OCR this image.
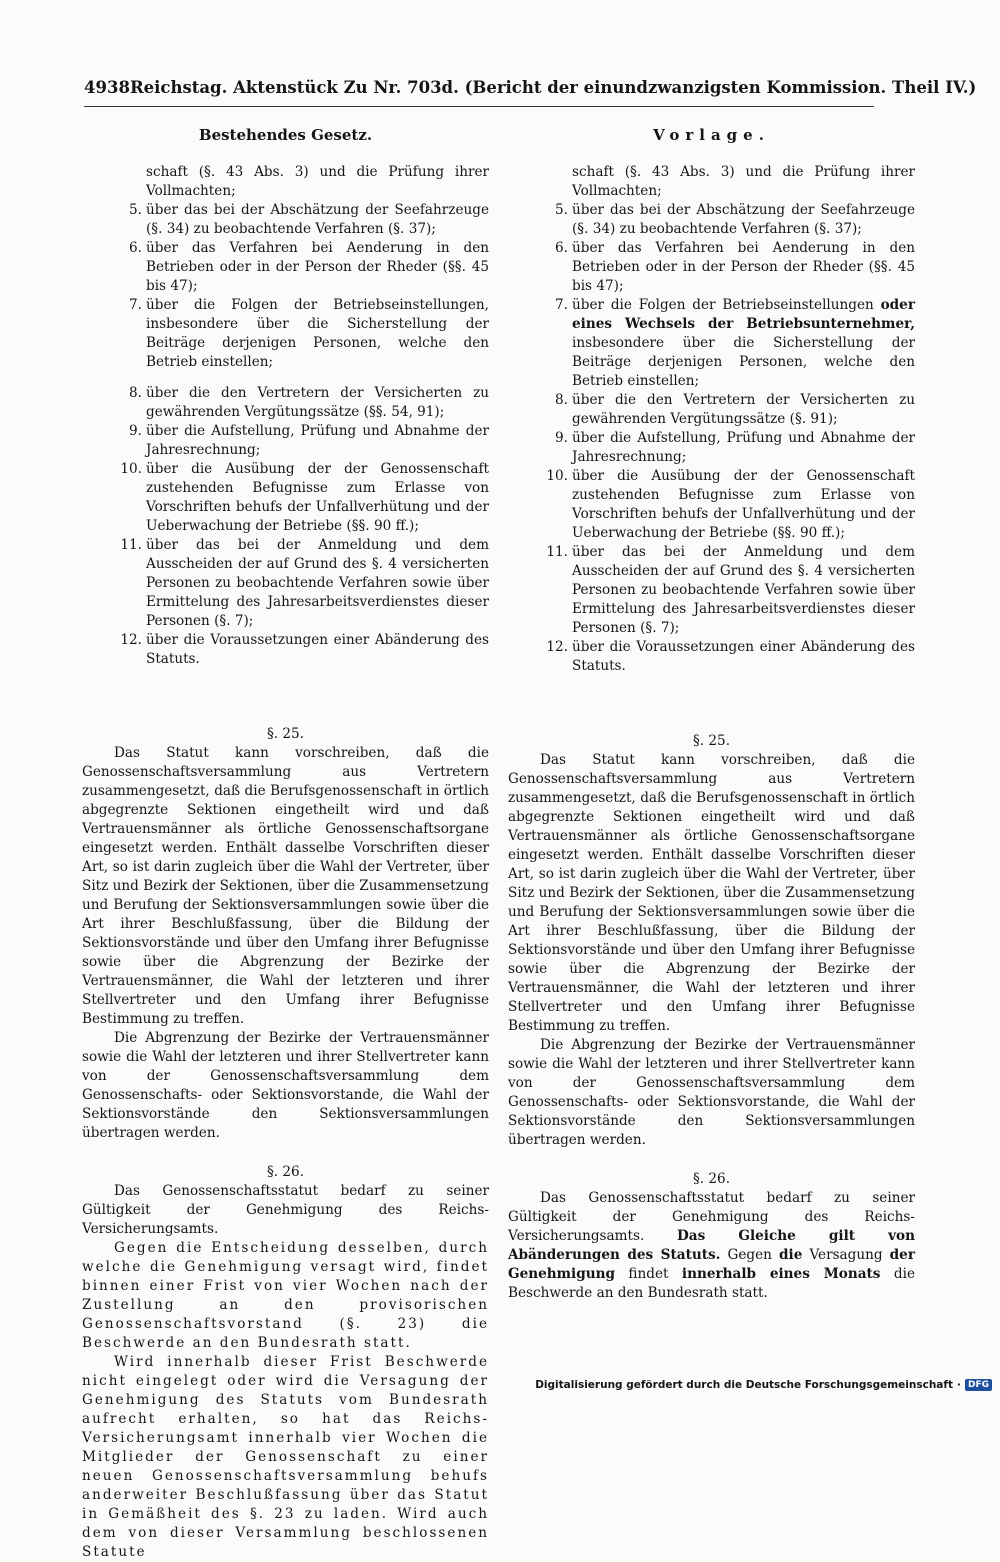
4938 Reichstag. Aktenstück Zu Nr. 703d. (Bericht der einundzwanzigsten Kommission. Theil IV.)
Bestehendes Gesetz.
schaft (§. 43 Abs. 3) und die Prüfung ihrer Vollmachten;
5. über das bei der Abschätzung der Seefahrzeuge (§. 34) zu beobachtende Verfahren (§. 37);
6. über das Verfahren bei Aenderung in den Betrieben oder in der Person der Rheder (§§. 45 bis 47);
7. über die Folgen der Betriebseinstellungen, insbesondere über die Sicherstellung der Beiträge derjenigen Personen, welche den Betrieb einstellen;
8. über die den Vertretern der Versicherten zu gewährenden Vergütungssätze (§§. 54, 91);
9. über die Aufstellung, Prüfung und Abnahme der Jahresrechnung;
10. über die Ausübung der der Genossenschaft zustehenden Befugnisse zum Erlasse von Vorschriften behufs der Unfallverhütung und der Ueberwachung der Betriebe (§§. 90 ff.);
11. über das bei der Anmeldung und dem Ausscheiden der auf Grund des §. 4 versicherten Personen zu beobachtende Verfahren sowie über Ermittelung des Jahresarbeitsverdienstes dieser Personen (§. 7);
12. über die Voraussetzungen einer Abänderung des Statuts.
§. 25.
Das Statut kann vorschreiben, daß die Genossenschaftsversammlung aus Vertretern zusammengesetzt, daß die Berufsgenossenschaft in örtlich abgegrenzte Sektionen eingetheilt wird und daß Vertrauensmänner als örtliche Genossenschaftsorgane eingesetzt werden. Enthält dasselbe Vorschriften dieser Art, so ist darin zugleich über die Wahl der Vertreter, über Sitz und Bezirk der Sektionen, über die Zusammensetzung und Berufung der Sektionsversammlungen sowie über die Art ihrer Beschlußfassung, über die Bildung der Sektionsvorstände und über den Umfang ihrer Befugnisse sowie über die Abgrenzung der Bezirke der Vertrauensmänner, die Wahl der letzteren und ihrer Stellvertreter und den Umfang ihrer Befugnisse Bestimmung zu treffen.
Die Abgrenzung der Bezirke der Vertrauensmänner sowie die Wahl der letzteren und ihrer Stellvertreter kann von der Genossenschaftsversammlung dem Genossenschafts- oder Sektionsvorstande, die Wahl der Sektionsvorstände den Sektionsversammlungen übertragen werden.
§. 26.
Das Genossenschaftsstatut bedarf zu seiner Gültigkeit der Genehmigung des Reichs-Versicherungsamts.
Gegen die Entscheidung desselben, durch welche die Genehmigung versagt wird, findet binnen einer Frist von vier Wochen nach der Zustellung an den provisorischen Genossenschaftsvorstand (§. 23) die Beschwerde an den Bundesrath statt.
Wird innerhalb dieser Frist Beschwerde nicht eingelegt oder wird die Versagung der Genehmigung des Statuts vom Bundesrath aufrecht erhalten, so hat das Reichs-Versicherungsamt innerhalb vier Wochen die Mitglieder der Genossenschaft zu einer neuen Genossenschaftsversammlung behufs anderweiter Beschlußfassung über das Statut in Gemäßheit des §. 23 zu laden. Wird auch dem von dieser Versammlung beschlossenen Statute
Vorlage.
schaft (§. 43 Abs. 3) und die Prüfung ihrer Vollmachten;
5. über das bei der Abschätzung der Seefahrzeuge (§. 34) zu beobachtende Verfahren (§. 37);
6. über das Verfahren bei Aenderung in den Betrieben oder in der Person der Rheder (§§. 45 bis 47);
7. über die Folgen der Betriebseinstellungen oder eines Wechsels der Betriebsunternehmer, insbesondere über die Sicherstellung der Beiträge derjenigen Personen, welche den Betrieb einstellen;
8. über die den Vertretern der Versicherten zu gewährenden Vergütungssätze (§. 91);
9. über die Aufstellung, Prüfung und Abnahme der Jahresrechnung;
10. über die Ausübung der der Genossenschaft zustehenden Befugnisse zum Erlasse von Vorschriften behufs der Unfallverhütung und der Ueberwachung der Betriebe (§§. 90 ff.);
11. über das bei der Anmeldung und dem Ausscheiden der auf Grund des §. 4 versicherten Personen zu beobachtende Verfahren sowie über Ermittelung des Jahresarbeitsverdienstes dieser Personen (§. 7);
12. über die Voraussetzungen einer Abänderung des Statuts.
§. 25.
Das Statut kann vorschreiben, daß die Genossenschaftsversammlung aus Vertretern zusammengesetzt, daß die Berufsgenossenschaft in örtlich abgegrenzte Sektionen eingetheilt wird und daß Vertrauensmänner als örtliche Genossenschaftsorgane eingesetzt werden. Enthält dasselbe Vorschriften dieser Art, so ist darin zugleich über die Wahl der Vertreter, über Sitz und Bezirk der Sektionen, über die Zusammensetzung und Berufung der Sektionsversammlungen sowie über die Art ihrer Beschlußfassung, über die Bildung der Sektionsvorstände und über den Umfang ihrer Befugnisse sowie über die Abgrenzung der Bezirke der Vertrauensmänner, die Wahl der letzteren und ihrer Stellvertreter und den Umfang ihrer Befugnisse Bestimmung zu treffen.
Die Abgrenzung der Bezirke der Vertrauensmänner sowie die Wahl der letzteren und ihrer Stellvertreter kann von der Genossenschaftsversammlung dem Genossenschafts- oder Sektionsvorstande, die Wahl der Sektionsvorstände den Sektionsversammlungen übertragen werden.
§. 26.
Das Genossenschaftsstatut bedarf zu seiner Gültigkeit der Genehmigung des Reichs-Versicherungsamts. Das Gleiche gilt von Abänderungen des Statuts. Gegen die Versagung der Genehmigung findet innerhalb eines Monats die Beschwerde an den Bundesrath statt.
Digitalisierung gefördert durch die Deutsche Forschungsgemeinschaft · DFG
